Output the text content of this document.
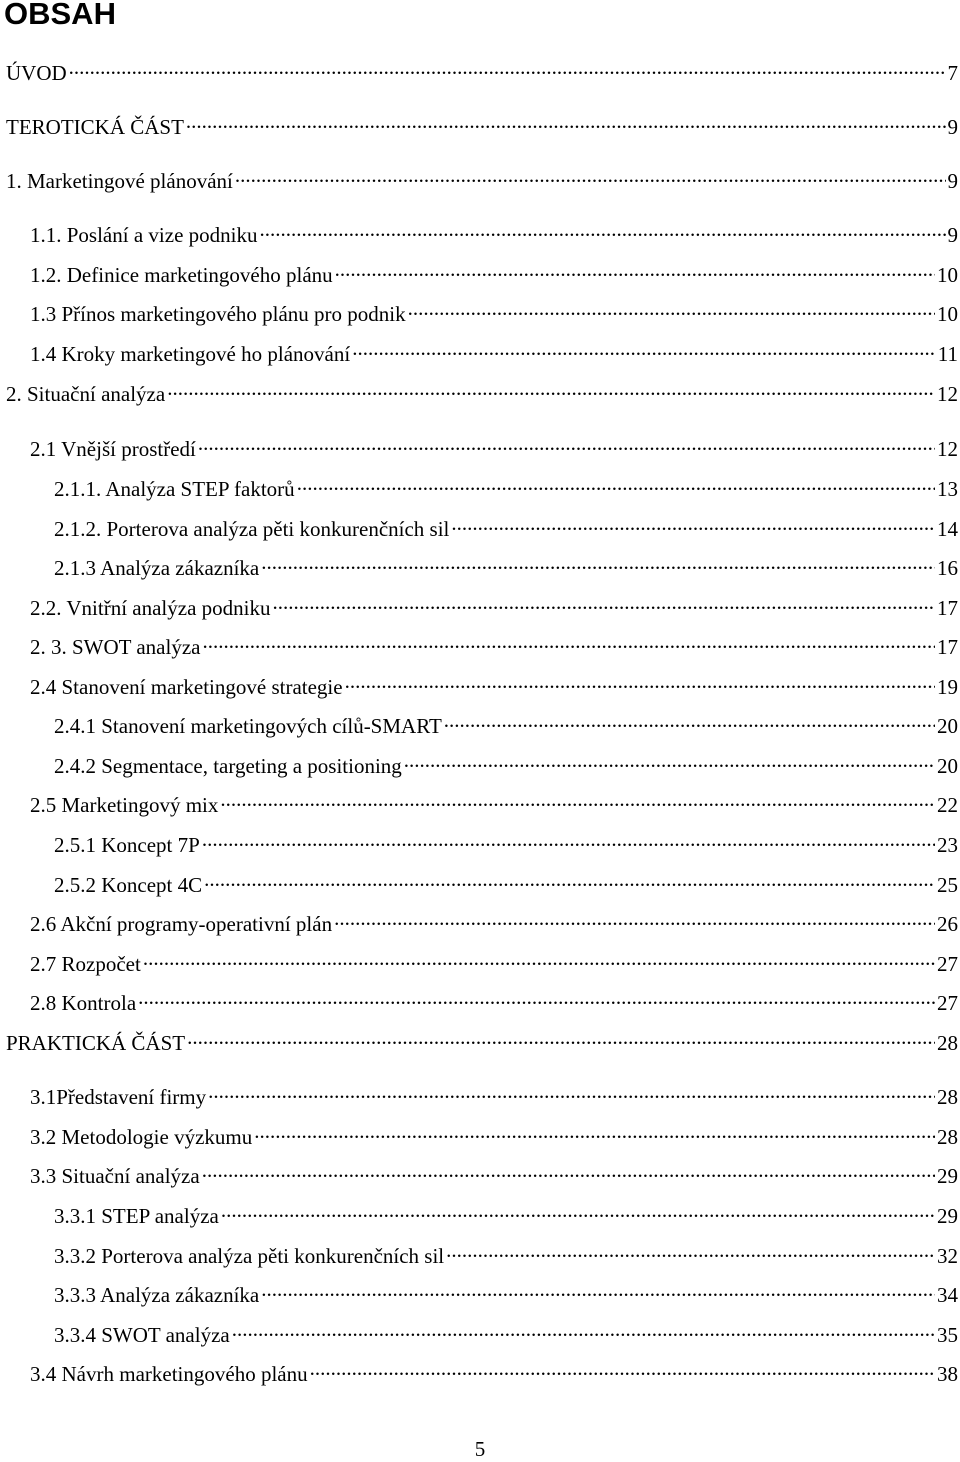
OBSAH
ÚVOD .....	7
TEROTICKÁ ČÁST .....	9
1. Marketingové plánování .....	9
1.1. Poslání a vize podniku .....	9
1.2. Definice marketingového plánu .....	10
1.3 Přínos marketingového plánu pro podnik .....	10
1.4 Kroky marketingové ho plánování .....	11
2. Situační analýza .....	12
2.1 Vnější prostředí .....	12
2.1.1. Analýza STEP faktorů .....	13
2.1.2. Porterova analýza pěti konkurenčních sil .....	14
2.1.3 Analýza zákazníka .....	16
2.2. Vnitřní analýza podniku .....	17
2. 3. SWOT analýza .....	17
2.4 Stanovení marketingové strategie .....	19
2.4.1 Stanovení marketingových cílů-SMART .....	20
2.4.2 Segmentace, targeting a positioning .....	20
2.5 Marketingový mix .....	22
2.5.1 Koncept 7P .....	23
2.5.2 Koncept 4C .....	25
2.6 Akční programy-operativní plán .....	26
2.7 Rozpočet .....	27
2.8 Kontrola .....	27
PRAKTICKÁ ČÁST .....	28
3.1Představení firmy .....	28
3.2 Metodologie výzkumu .....	28
3.3 Situační analýza .....	29
3.3.1 STEP analýza .....	29
3.3.2 Porterova analýza pěti konkurenčních sil .....	32
3.3.3 Analýza zákazníka .....	34
3.3.4 SWOT analýza .....	35
3.4 Návrh marketingového plánu .....	38
5
